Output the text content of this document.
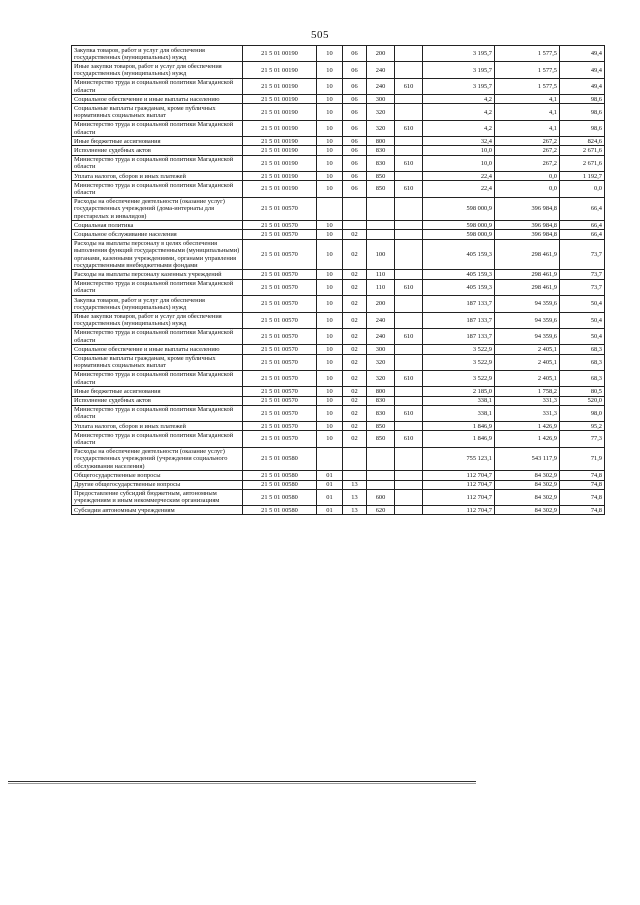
505
Закупка товаров, работ и услуг для обеспечения государственных (муниципальных) нужд	21 5 01 00190	10	06	200		3 195,7	1 577,5	49,4
Иные закупки товаров, работ и услуг для обеспечения государственных (муниципальных) нужд	21 5 01 00190	10	06	240		3 195,7	1 577,5	49,4
Министерство труда и социальной политики Магаданской области	21 5 01 00190	10	06	240	610	3 195,7	1 577,5	49,4
Социальное обеспечение и иные выплаты населению	21 5 01 00190	10	06	300		4,2	4,1	98,6
Социальные выплаты гражданам, кроме публичных нормативных социальных выплат	21 5 01 00190	10	06	320		4,2	4,1	98,6
Министерство труда и социальной политики Магаданской области	21 5 01 00190	10	06	320	610	4,2	4,1	98,6
Иные бюджетные ассигнования	21 5 01 00190	10	06	800		32,4	267,2	824,6
Исполнение судебных актов	21 5 01 00190	10	06	830		10,0	267,2	2 671,6
Министерство труда и социальной политики Магаданской области	21 5 01 00190	10	06	830	610	10,0	267,2	2 671,6
Уплата налогов, сборов и иных платежей	21 5 01 00190	10	06	850		22,4	0,0	1 192,7
Министерство труда и социальной политики Магаданской области	21 5 01 00190	10	06	850	610	22,4	0,0	0,0
Расходы на обеспечение деятельности (оказание услуг) государственных учреждений (дома-интернаты для престарелых и инвалидов)	21 5 01 00570					598 000,9	396 984,8	66,4
Социальная политика	21 5 01 00570	10				598 000,9	396 984,8	66,4
Социальное обслуживание населения	21 5 01 00570	10	02			598 000,9	396 984,8	66,4
Расходы на выплаты персоналу в целях обеспечения выполнения функций государственными (муниципальными) органами, казенными учреждениями, органами управления государственными внебюджетными фондами	21 5 01 00570	10	02	100		405 159,3	298 461,9	73,7
Расходы на выплаты персоналу казенных учреждений	21 5 01 00570	10	02	110		405 159,3	298 461,9	73,7
Министерство труда и социальной политики Магаданской области	21 5 01 00570	10	02	110	610	405 159,3	298 461,9	73,7
Закупка товаров, работ и услуг для обеспечения государственных (муниципальных) нужд	21 5 01 00570	10	02	200		187 133,7	94 359,6	50,4
Иные закупки товаров, работ и услуг для обеспечения государственных (муниципальных) нужд	21 5 01 00570	10	02	240		187 133,7	94 359,6	50,4
Министерство труда и социальной политики Магаданской области	21 5 01 00570	10	02	240	610	187 133,7	94 359,6	50,4
Социальное обеспечение и иные выплаты населению	21 5 01 00570	10	02	300		3 522,9	2 405,1	68,3
Социальные выплаты гражданам, кроме публичных нормативных социальных выплат	21 5 01 00570	10	02	320		3 522,9	2 405,1	68,3
Министерство труда и социальной политики Магаданской области	21 5 01 00570	10	02	320	610	3 522,9	2 405,1	68,3
Иные бюджетные ассигнования	21 5 01 00570	10	02	800		2 185,0	1 758,2	80,5
Исполнение судебных актов	21 5 01 00570	10	02	830		338,1	331,3	520,0
Министерство труда и социальной политики Магаданской области	21 5 01 00570	10	02	830	610	338,1	331,3	98,0
Уплата налогов, сборов и иных платежей	21 5 01 00570	10	02	850		1 846,9	1 426,9	95,2
Министерство труда и социальной политики Магаданской области	21 5 01 00570	10	02	850	610	1 846,9	1 426,9	77,3
Расходы на обеспечение деятельности (оказание услуг) государственных учреждений (учреждения социального обслуживания населения)	21 5 01 00580					755 123,1	543 117,9	71,9
Общегосударственные вопросы	21 5 01 00580	01				112 704,7	84 302,9	74,8
Другие общегосударственные вопросы	21 5 01 00580	01	13			112 704,7	84 302,9	74,8
Предоставление субсидий бюджетным, автономным учреждениям и иным некоммерческим организациям	21 5 01 00580	01	13	600		112 704,7	84 302,9	74,8
Субсидии автономным учреждениям	21 5 01 00580	01	13	620		112 704,7	84 302,9	74,8
